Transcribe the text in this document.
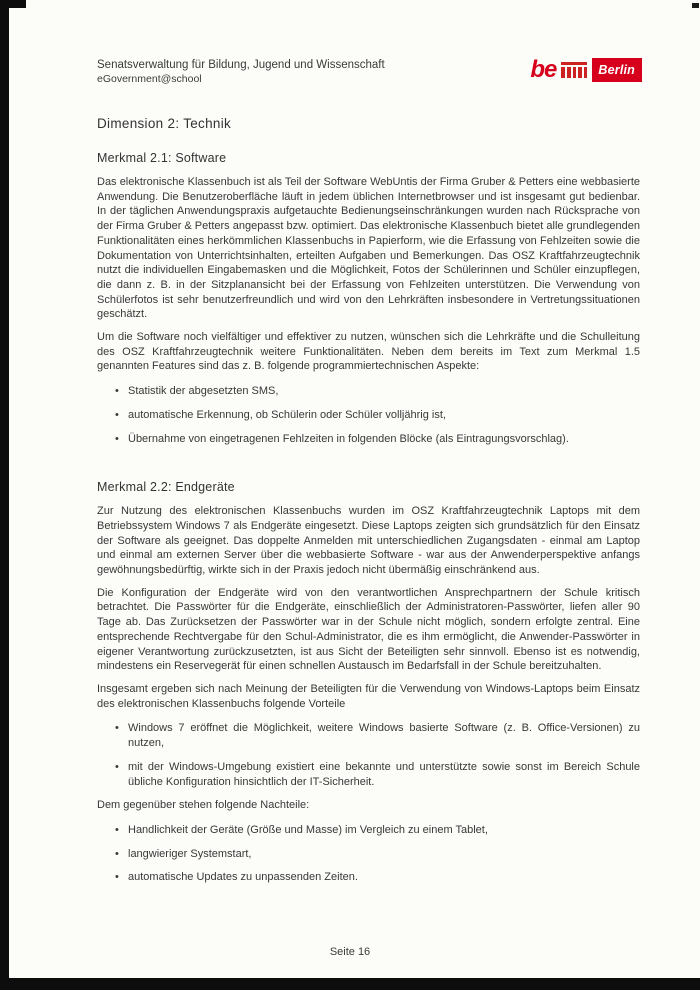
Senatsverwaltung für Bildung, Jugend und Wissenschaft
eGovernment@school	be	Berlin
Dimension 2: Technik
Merkmal 2.1: Software

Das elektronische Klassenbuch ist als Teil der Software WebUntis der Firma Gruber & Petters eine webbasierte Anwendung. Die Benutzeroberfläche läuft in jedem üblichen Internetbrowser und ist insgesamt gut bedienbar. In der täglichen Anwendungspraxis aufgetauchte Bedienungseinschränkungen wurden nach Rücksprache von der Firma Gruber & Petters angepasst bzw. optimiert. Das elektronische Klassenbuch bietet alle grundlegenden Funktionalitäten eines herkömmlichen Klassenbuchs in Papierform, wie die Erfassung von Fehlzeiten sowie die Dokumentation von Unterrichtsinhalten, erteilten Aufgaben und Bemerkungen. Das OSZ Kraftfahrzeugtechnik nutzt die individuellen Eingabemasken und die Möglichkeit, Fotos der Schülerinnen und Schüler einzupflegen, die dann z. B. in der Sitzplanansicht bei der Erfassung von Fehlzeiten unterstützen. Die Verwendung von Schülerfotos ist sehr benutzerfreundlich und wird von den Lehrkräften insbesondere in Vertretungssituationen geschätzt.

Um die Software noch vielfältiger und effektiver zu nutzen, wünschen sich die Lehrkräfte und die Schulleitung des OSZ Kraftfahrzeugtechnik weitere Funktionalitäten. Neben dem bereits im Text zum Merkmal 1.5 genannten Features sind das z. B. folgende programmiertechnischen Aspekte:

• Statistik der abgesetzten SMS,
• automatische Erkennung, ob Schülerin oder Schüler volljährig ist,
• Übernahme von eingetragenen Fehlzeiten in folgenden Blöcke (als Eintragungsvorschlag).
Merkmal 2.2: Endgeräte

Zur Nutzung des elektronischen Klassenbuchs wurden im OSZ Kraftfahrzeugtechnik Laptops mit dem Betriebssystem Windows 7 als Endgeräte eingesetzt. Diese Laptops zeigten sich grundsätzlich für den Einsatz der Software als geeignet. Das doppelte Anmelden mit unterschiedlichen Zugangsdaten - einmal am Laptop und einmal am externen Server über die webbasierte Software - war aus der Anwenderperspektive anfangs gewöhnungsbedürftig, wirkte sich in der Praxis jedoch nicht übermäßig einschränkend aus.

Die Konfiguration der Endgeräte wird von den verantwortlichen Ansprechpartnern der Schule kritisch betrachtet. Die Passwörter für die Endgeräte, einschließlich der Administratoren-Passwörter, liefen aller 90 Tage ab. Das Zurücksetzen der Passwörter war in der Schule nicht möglich, sondern erfolgte zentral. Eine entsprechende Rechtvergabe für den Schul-Administrator, die es ihm ermöglicht, die Anwender-Passwörter in eigener Verantwortung zurückzusetzten, ist aus Sicht der Beteiligten sehr sinnvoll. Ebenso ist es notwendig, mindestens ein Reservegerät für einen schnellen Austausch im Bedarfsfall in der Schule bereitzuhalten.

Insgesamt ergeben sich nach Meinung der Beteiligten für die Verwendung von Windows-Laptops beim Einsatz des elektronischen Klassenbuchs folgende Vorteile

• Windows 7 eröffnet die Möglichkeit, weitere Windows basierte Software (z. B. Office-Versionen) zu nutzen,
• mit der Windows-Umgebung existiert eine bekannte und unterstützte sowie sonst im Bereich Schule übliche Konfiguration hinsichtlich der IT-Sicherheit.

Dem gegenüber stehen folgende Nachteile:

• Handlichkeit der Geräte (Größe und Masse) im Vergleich zu einem Tablet,
• langwieriger Systemstart,
• automatische Updates zu unpassenden Zeiten.
Seite 16
